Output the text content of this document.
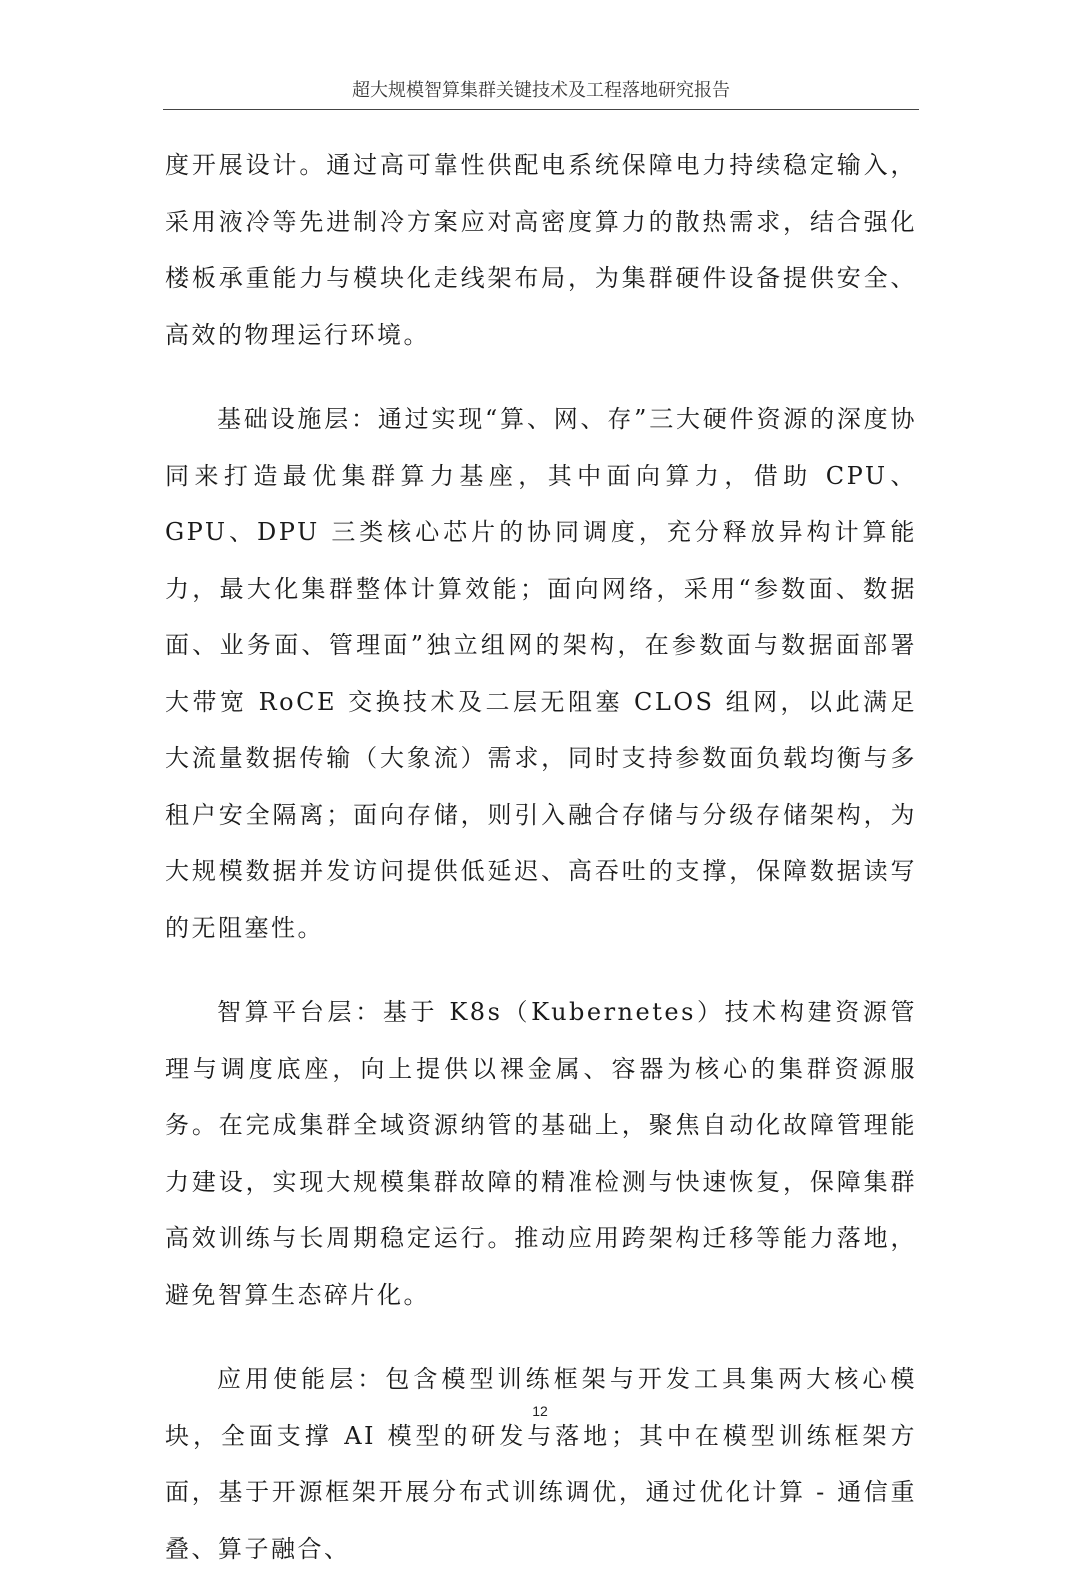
超大规模智算集群关键技术及工程落地研究报告

度开展设计。通过高可靠性供配电系统保障电力持续稳定输入，采用液冷等先进制冷方案应对高密度算力的散热需求，结合强化楼板承重能力与模块化走线架布局，为集群硬件设备提供安全、高效的物理运行环境。

基础设施层：通过实现“算、网、存”三大硬件资源的深度协同来打造最优集群算力基座，其中面向算力，借助 CPU、GPU、DPU 三类核心芯片的协同调度，充分释放异构计算能力，最大化集群整体计算效能；面向网络，采用“参数面、数据面、业务面、管理面”独立组网的架构，在参数面与数据面部署大带宽 RoCE 交换技术及二层无阻塞 CLOS 组网，以此满足大流量数据传输（大象流）需求，同时支持参数面负载均衡与多租户安全隔离；面向存储，则引入融合存储与分级存储架构，为大规模数据并发访问提供低延迟、高吞吐的支撑，保障数据读写的无阻塞性。

智算平台层：基于 K8s（Kubernetes）技术构建资源管理与调度底座，向上提供以裸金属、容器为核心的集群资源服务。在完成集群全域资源纳管的基础上，聚焦自动化故障管理能力建设，实现大规模集群故障的精准检测与快速恢复，保障集群高效训练与长周期稳定运行。推动应用跨架构迁移等能力落地，避免智算生态碎片化。

应用使能层：包含模型训练框架与开发工具集两大核心模块，全面支撑 AI 模型的研发与落地；其中在模型训练框架方面，基于开源框架开展分布式训练调优，通过优化计算 - 通信重叠、算子融合、

12
